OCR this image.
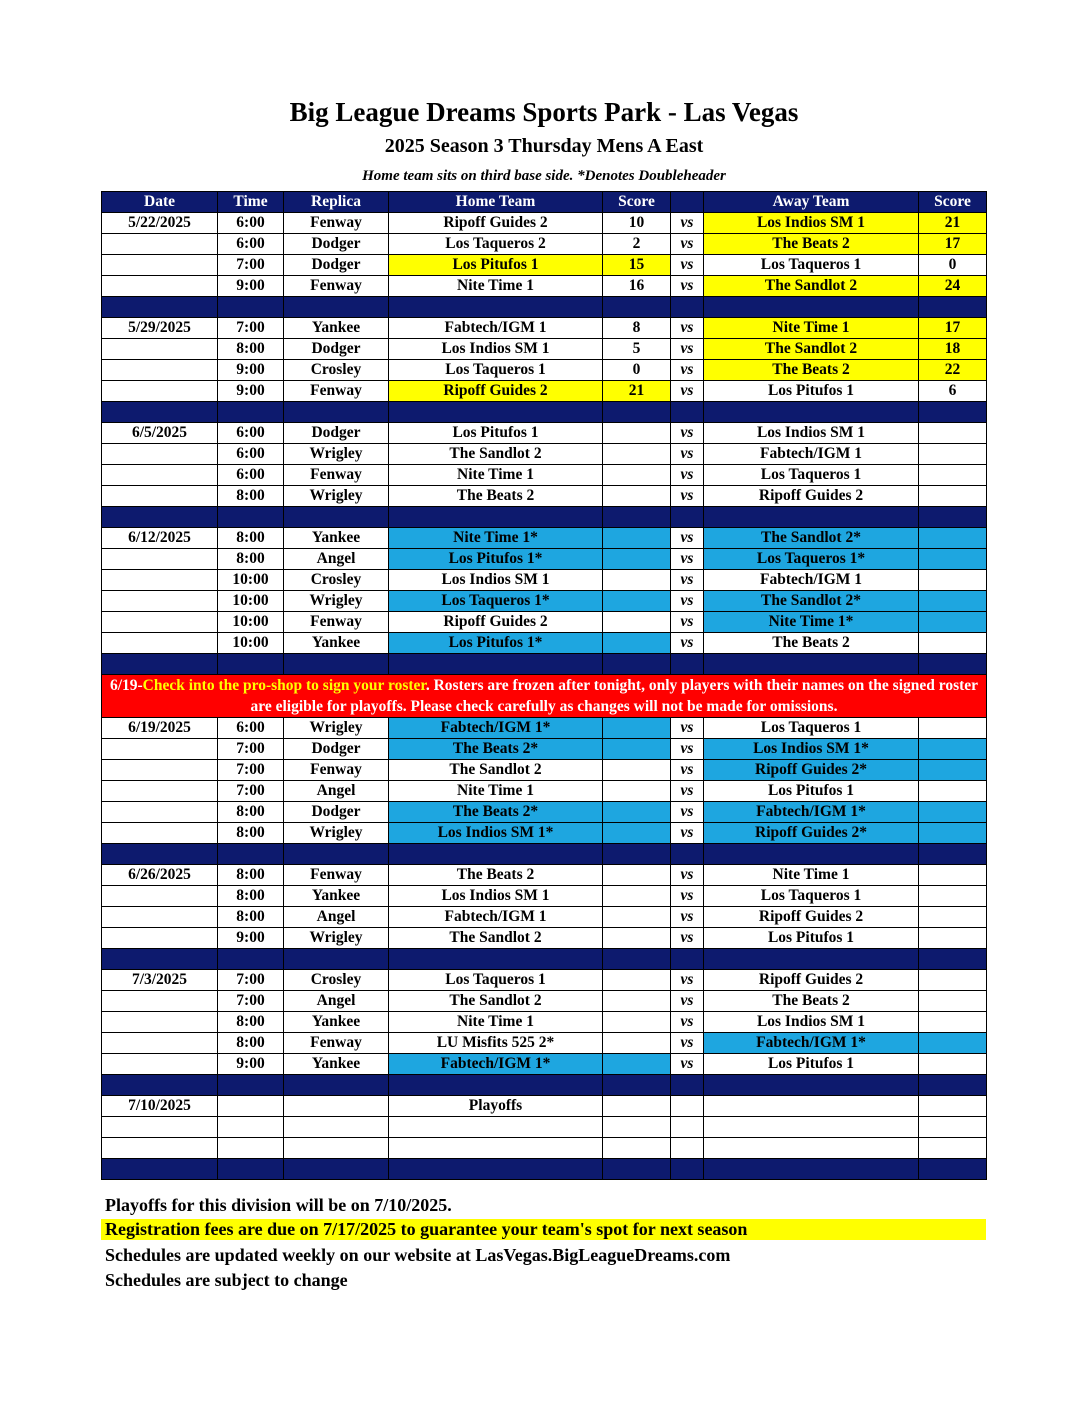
Big League Dreams Sports Park - Las Vegas
2025 Season 3 Thursday Mens A East
Home team sits on third base side. *Denotes Doubleheader
Date	Time	Replica	Home Team	Score		Away Team	Score
5/22/2025	6:00	Fenway	Ripoff Guides 2	10	vs	Los Indios SM 1	21
	6:00	Dodger	Los Taqueros 2	2	vs	The Beats 2	17
	7:00	Dodger	Los Pitufos 1	15	vs	Los Taqueros 1	0
	9:00	Fenway	Nite Time 1	16	vs	The Sandlot 2	24

5/29/2025	7:00	Yankee	Fabtech/IGM 1	8	vs	Nite Time 1	17
	8:00	Dodger	Los Indios SM 1	5	vs	The Sandlot 2	18
	9:00	Crosley	Los Taqueros 1	0	vs	The Beats 2	22
	9:00	Fenway	Ripoff Guides 2	21	vs	Los Pitufos 1	6

6/5/2025	6:00	Dodger	Los Pitufos 1		vs	Los Indios SM 1	
	6:00	Wrigley	The Sandlot 2		vs	Fabtech/IGM 1	
	6:00	Fenway	Nite Time 1		vs	Los Taqueros 1	
	8:00	Wrigley	The Beats 2		vs	Ripoff Guides 2	

6/12/2025	8:00	Yankee	Nite Time 1*		vs	The Sandlot 2*	
	8:00	Angel	Los Pitufos 1*		vs	Los Taqueros 1*	
	10:00	Crosley	Los Indios SM 1		vs	Fabtech/IGM 1	
	10:00	Wrigley	Los Taqueros 1*		vs	The Sandlot 2*	
	10:00	Fenway	Ripoff Guides 2		vs	Nite Time 1*	
	10:00	Yankee	Los Pitufos 1*		vs	The Beats 2	

6/19-Check into the pro-shop to sign your roster. Rosters are frozen after tonight, only players with their names on the signed roster are eligible for playoffs. Please check carefully as changes will not be made for omissions.							
6/19/2025	6:00	Wrigley	Fabtech/IGM 1*		vs	Los Taqueros 1	
	7:00	Dodger	The Beats 2*		vs	Los Indios SM 1*	
	7:00	Fenway	The Sandlot 2		vs	Ripoff Guides 2*	
	7:00	Angel	Nite Time 1		vs	Los Pitufos 1	
	8:00	Dodger	The Beats 2*		vs	Fabtech/IGM 1*	
	8:00	Wrigley	Los Indios SM 1*		vs	Ripoff Guides 2*	

6/26/2025	8:00	Fenway	The Beats 2		vs	Nite Time 1	
	8:00	Yankee	Los Indios SM 1		vs	Los Taqueros 1	
	8:00	Angel	Fabtech/IGM 1		vs	Ripoff Guides 2	
	9:00	Wrigley	The Sandlot 2		vs	Los Pitufos 1	

7/3/2025	7:00	Crosley	Los Taqueros 1		vs	Ripoff Guides 2	
	7:00	Angel	The Sandlot 2		vs	The Beats 2	
	8:00	Yankee	Nite Time 1		vs	Los Indios SM 1	
	8:00	Fenway	LU Misfits 525 2*		vs	Fabtech/IGM 1*	
	9:00	Yankee	Fabtech/IGM 1*		vs	Los Pitufos 1	

7/10/2025			Playoffs				

Playoffs for this division will be on 7/10/2025.
Registration fees are due on 7/17/2025 to guarantee your team's spot for next season
Schedules are updated weekly on our website at LasVegas.BigLeagueDreams.com
Schedules are subject to change
